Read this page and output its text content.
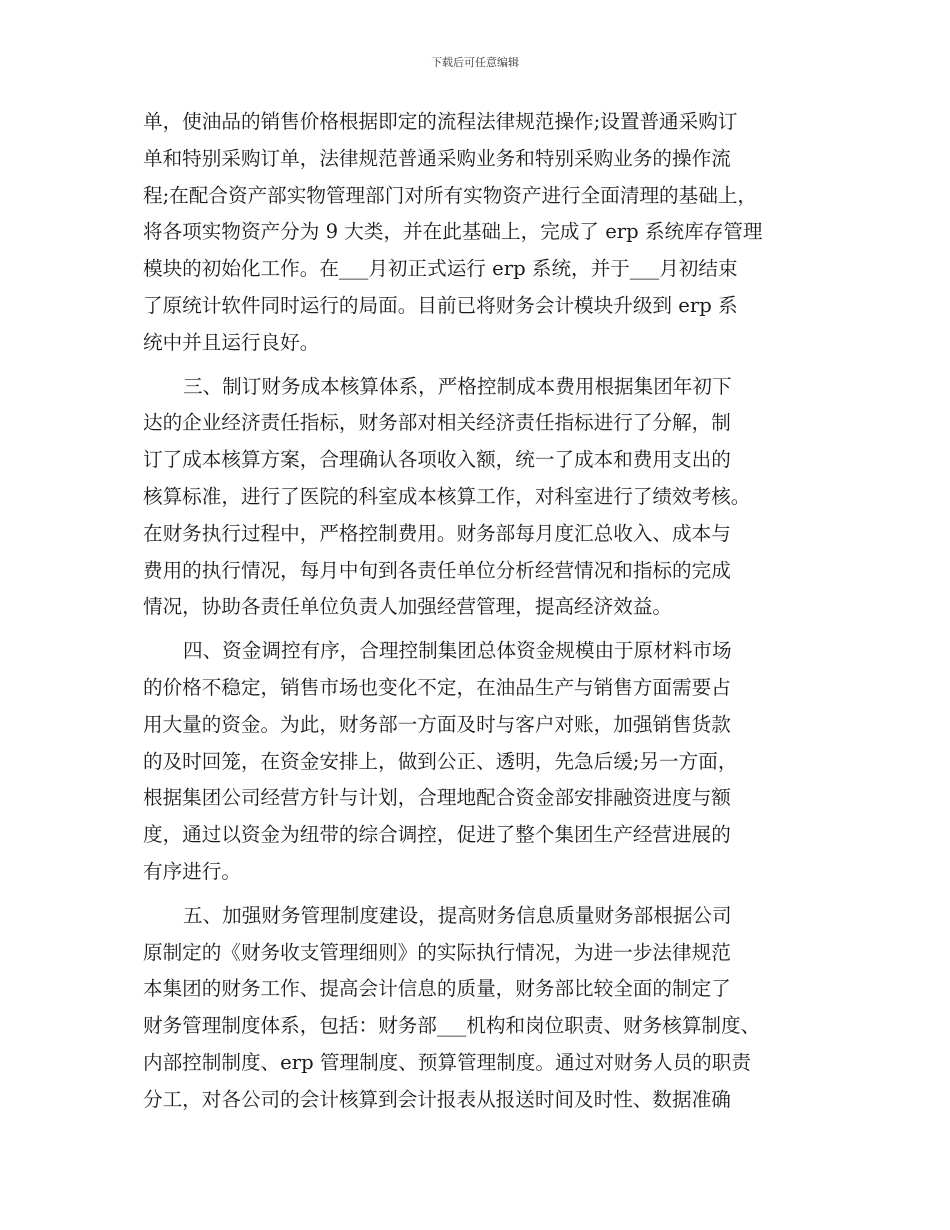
下载后可任意编辑
单，使油品的销售价格根据即定的流程法律规范操作;设置普通采购订
单和特别采购订单，法律规范普通采购业务和特别采购业务的操作流
程;在配合资产部实物管理部门对所有实物资产进行全面清理的基础上，
将各项实物资产分为 9 大类，并在此基础上，完成了 erp 系统库存管理
模块的初始化工作。在___月初正式运行 erp 系统，并于___月初结束
了原统计软件同时运行的局面。目前已将财务会计模块升级到 erp 系
统中并且运行良好。
三、制订财务成本核算体系，严格控制成本费用根据集团年初下
达的企业经济责任指标，财务部对相关经济责任指标进行了分解，制
订了成本核算方案，合理确认各项收入额，统一了成本和费用支出的
核算标准，进行了医院的科室成本核算工作，对科室进行了绩效考核。
在财务执行过程中，严格控制费用。财务部每月度汇总收入、成本与
费用的执行情况，每月中旬到各责任单位分析经营情况和指标的完成
情况，协助各责任单位负责人加强经营管理，提高经济效益。
四、资金调控有序，合理控制集团总体资金规模由于原材料市场
的价格不稳定，销售市场也变化不定，在油品生产与销售方面需要占
用大量的资金。为此，财务部一方面及时与客户对账，加强销售货款
的及时回笼，在资金安排上，做到公正、透明，先急后缓;另一方面，
根据集团公司经营方针与计划，合理地配合资金部安排融资进度与额
度，通过以资金为纽带的综合调控，促进了整个集团生产经营进展的
有序进行。
五、加强财务管理制度建设，提高财务信息质量财务部根据公司
原制定的《财务收支管理细则》的实际执行情况，为进一步法律规范
本集团的财务工作、提高会计信息的质量，财务部比较全面的制定了
财务管理制度体系，包括：财务部___机构和岗位职责、财务核算制度、
内部控制制度、erp 管理制度、预算管理制度。通过对财务人员的职责
分工，对各公司的会计核算到会计报表从报送时间及时性、数据准确
